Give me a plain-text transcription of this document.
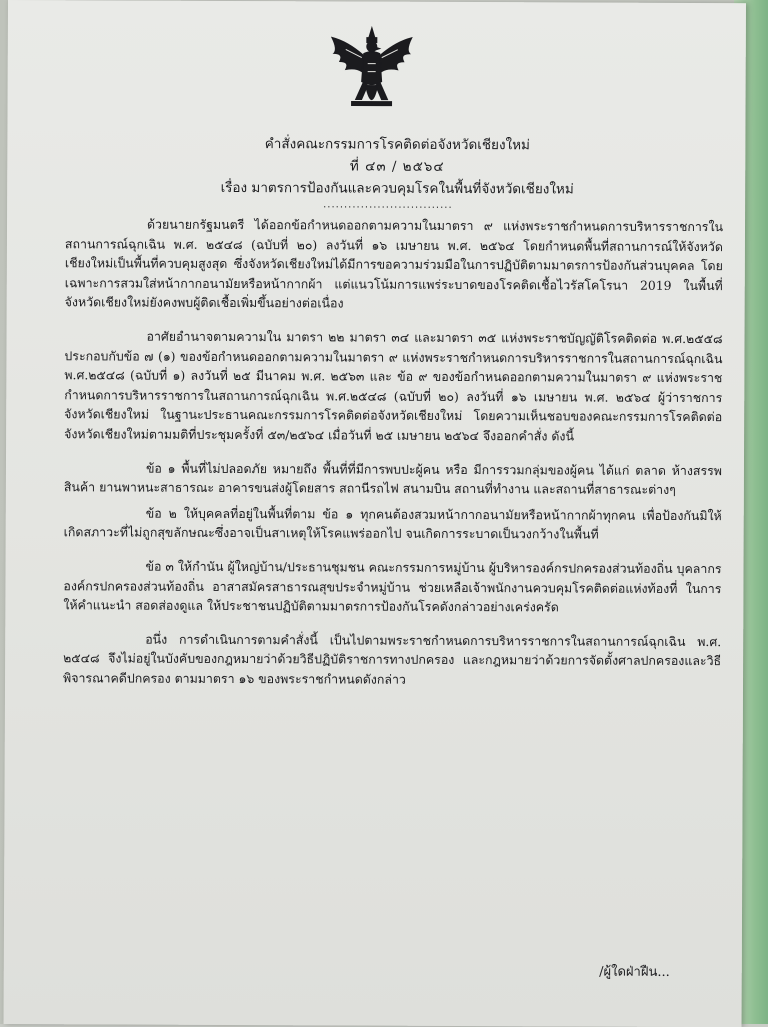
คำสั่งคณะกรรมการโรคติดต่อจังหวัดเชียงใหม่
ที่ ๔๓ / ๒๕๖๔
เรื่อง มาตรการป้องกันและควบคุมโรคในพื้นที่จังหวัดเชียงใหม่
...............................

ด้วยนายกรัฐมนตรี ได้ออกข้อกำหนดออกตามความในมาตรา ๙ แห่งพระราชกำหนดการบริหารราชการในสถานการณ์ฉุกเฉิน พ.ศ. ๒๕๔๘ (ฉบับที่ ๒๐) ลงวันที่ ๑๖ เมษายน พ.ศ. ๒๕๖๔ โดยกำหนดพื้นที่สถานการณ์ให้จังหวัดเชียงใหม่เป็นพื้นที่ควบคุมสูงสุด ซึ่งจังหวัดเชียงใหม่ได้มีการขอความร่วมมือในการปฏิบัติตามมาตรการป้องกันส่วนบุคคล โดยเฉพาะการสวมใส่หน้ากากอนามัยหรือหน้ากากผ้า แต่แนวโน้มการแพร่ระบาดของโรคติดเชื้อไวรัสโคโรนา 2019 ในพื้นที่จังหวัดเชียงใหม่ยังคงพบผู้ติดเชื้อเพิ่มขึ้นอย่างต่อเนื่อง

อาศัยอำนาจตามความใน มาตรา ๒๒ มาตรา ๓๔ และมาตรา ๓๕ แห่งพระราชบัญญัติโรคติดต่อ พ.ศ.๒๕๕๘ ประกอบกับข้อ ๗ (๑) ของข้อกำหนดออกตามความในมาตรา ๙ แห่งพระราชกำหนดการบริหารราชการในสถานการณ์ฉุกเฉิน พ.ศ.๒๕๔๘ (ฉบับที่ ๑) ลงวันที่ ๒๕ มีนาคม พ.ศ. ๒๕๖๓ และ ข้อ ๙ ของข้อกำหนดออกตามความในมาตรา ๙ แห่งพระราชกำหนดการบริหารราชการในสถานการณ์ฉุกเฉิน พ.ศ.๒๕๔๘ (ฉบับที่ ๒๐) ลงวันที่ ๑๖ เมษายน พ.ศ. ๒๕๖๔ ผู้ว่าราชการจังหวัดเชียงใหม่ ในฐานะประธานคณะกรรมการโรคติดต่อจังหวัดเชียงใหม่ โดยความเห็นชอบของคณะกรรมการโรคติดต่อจังหวัดเชียงใหม่ตามมติที่ประชุมครั้งที่ ๕๓/๒๕๖๔ เมื่อวันที่ ๒๕ เมษายน ๒๕๖๔ จึงออกคำสั่ง ดังนี้

ข้อ ๑ พื้นที่ไม่ปลอดภัย หมายถึง พื้นที่ที่มีการพบปะผู้คน หรือ มีการรวมกลุ่มของผู้คน ได้แก่ ตลาด ห้างสรรพสินค้า ยานพาหนะสาธารณะ อาคารขนส่งผู้โดยสาร สถานีรถไฟ สนามบิน สถานที่ทำงาน และสถานที่สาธารณะต่างๆ

ข้อ ๒ ให้บุคคลที่อยู่ในพื้นที่ตาม ข้อ ๑ ทุกคนต้องสวมหน้ากากอนามัยหรือหน้ากากผ้าทุกคน เพื่อป้องกันมิให้เกิดสภาวะที่ไม่ถูกสุขลักษณะซึ่งอาจเป็นสาเหตุให้โรคแพร่ออกไป จนเกิดการระบาดเป็นวงกว้างในพื้นที่

ข้อ ๓ ให้กำนัน ผู้ใหญ่บ้าน/ประธานชุมชน คณะกรรมการหมู่บ้าน ผู้บริหารองค์กรปกครองส่วนท้องถิ่น บุคลากรองค์กรปกครองส่วนท้องถิ่น อาสาสมัครสาธารณสุขประจำหมู่บ้าน ช่วยเหลือเจ้าพนักงานควบคุมโรคติดต่อแห่งท้องที่ ในการให้คำแนะนำ สอดส่องดูแล ให้ประชาชนปฏิบัติตามมาตรการป้องกันโรคดังกล่าวอย่างเคร่งครัด

อนึ่ง การดำเนินการตามคำสั่งนี้ เป็นไปตามพระราชกำหนดการบริหารราชการในสถานการณ์ฉุกเฉิน พ.ศ. ๒๕๔๘ จึงไม่อยู่ในบังคับของกฎหมายว่าด้วยวิธีปฏิบัติราชการทางปกครอง และกฎหมายว่าด้วยการจัดตั้งศาลปกครองและวิธีพิจารณาคดีปกครอง ตามมาตรา ๑๖ ของพระราชกำหนดดังกล่าว

/ผู้ใดฝ่าฝืน...
